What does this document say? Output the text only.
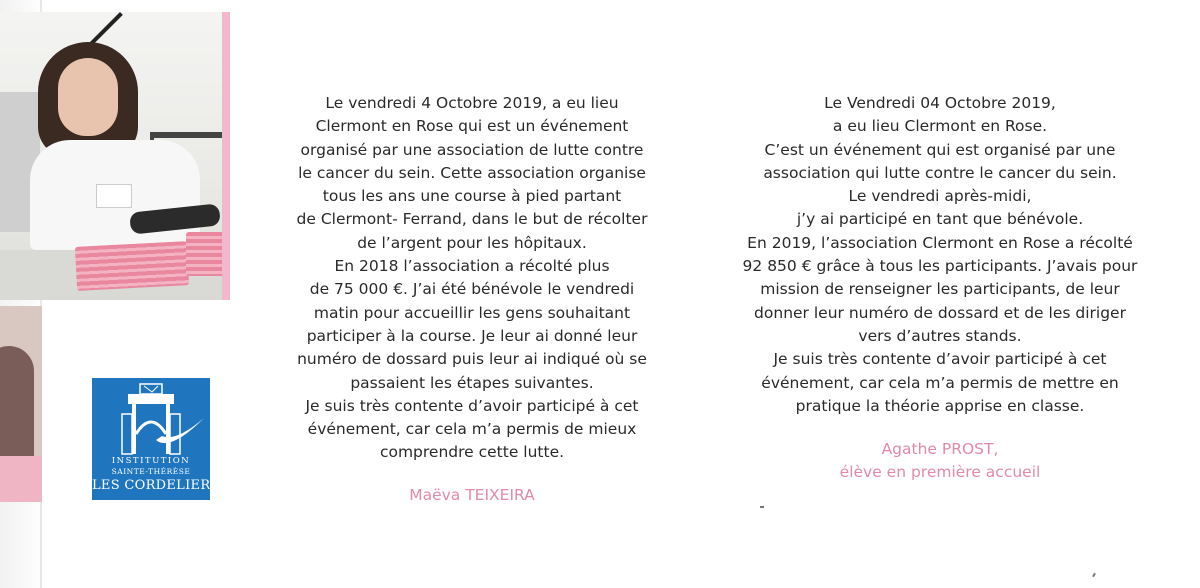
INSTITUTION
SAINTE-THÉRÈSE
LES CORDELIERS

Le vendredi 4 Octobre 2019, a eu lieu

Clermont en Rose qui est un événement

organisé par une association de lutte contre

le cancer du sein. Cette association organise

tous les ans une course à pied partant

de Clermont- Ferrand, dans le but de récolter

de l’argent pour les hôpitaux.

En 2018 l’association a récolté plus

de 75 000 €. J’ai été bénévole le vendredi

matin pour accueillir les gens souhaitant

participer à la course. Je leur ai donné leur

numéro de dossard puis leur ai indiqué où se

passaient les étapes suivantes.

Je suis très contente d’avoir participé à cet

événement, car cela m’a permis de mieux

comprendre cette lutte.

Maëva TEIXEIRA

Le Vendredi 04 Octobre 2019,

a eu lieu Clermont en Rose.

C’est un événement qui est organisé par une

association qui lutte contre le cancer du sein.

Le vendredi après-midi,

j’y ai participé en tant que bénévole.

En 2019, l’association Clermont en Rose a récolté

92 850 € grâce à tous les participants. J’avais pour

mission de renseigner les participants, de leur

donner leur numéro de dossard et de les diriger

vers d’autres stands.

Je suis très contente d’avoir participé à cet

événement, car cela m’a permis de mettre en

pratique la théorie apprise en classe.

Agathe PROST,
élève en première accueil
